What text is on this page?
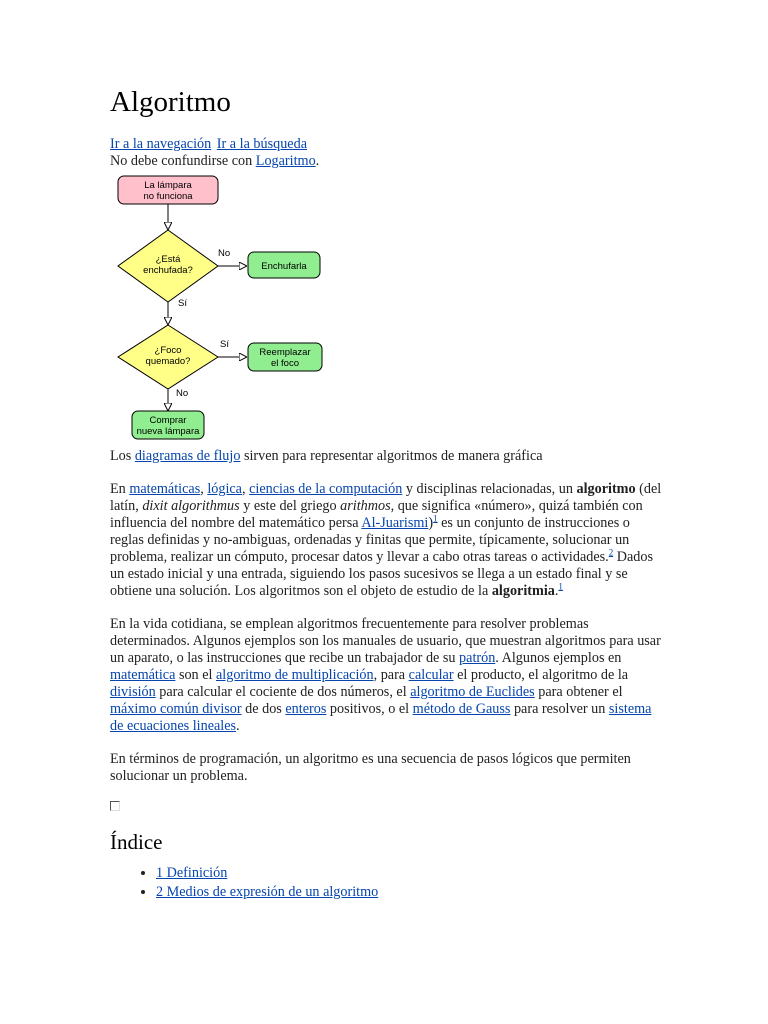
Algoritmo
Ir a la navegación Ir a la búsqueda
No debe confundirse con Logaritmo.
La lámpara
no funciona
¿Está
enchufada?
No
Enchufarla
Sí
¿Foco
quemado?
Sí
Reemplazar
el foco
No
Comprar
nueva lámpara

Los diagramas de flujo sirven para representar algoritmos de manera gráfica

En matemáticas, lógica, ciencias de la computación y disciplinas relacionadas, un algoritmo (del latín, dixit algorithmus y este del griego arithmos, que significa «número», quizá también con influencia del nombre del matemático persa Al-Juarismi)$^1$ es un conjunto de instrucciones o reglas definidas y no-ambiguas, ordenadas y finitas que permite, típicamente, solucionar un problema, realizar un cómputo, procesar datos y llevar a cabo otras tareas o actividades.$^2$ Dados un estado inicial y una entrada, siguiendo los pasos sucesivos se llega a un estado final y se obtiene una solución. Los algoritmos son el objeto de estudio de la algoritmia.$^1$

En la vida cotidiana, se emplean algoritmos frecuentemente para resolver problemas determinados. Algunos ejemplos son los manuales de usuario, que muestran algoritmos para usar un aparato, o las instrucciones que recibe un trabajador de su patrón. Algunos ejemplos en matemática son el algoritmo de multiplicación, para calcular el producto, el algoritmo de la división para calcular el cociente de dos números, el algoritmo de Euclides para obtener el máximo común divisor de dos enteros positivos, o el método de Gauss para resolver un sistema de ecuaciones lineales.

En términos de programación, un algoritmo es una secuencia de pasos lógicos que permiten solucionar un problema.

Índice
• 1 Definición
• 2 Medios de expresión de un algoritmo
